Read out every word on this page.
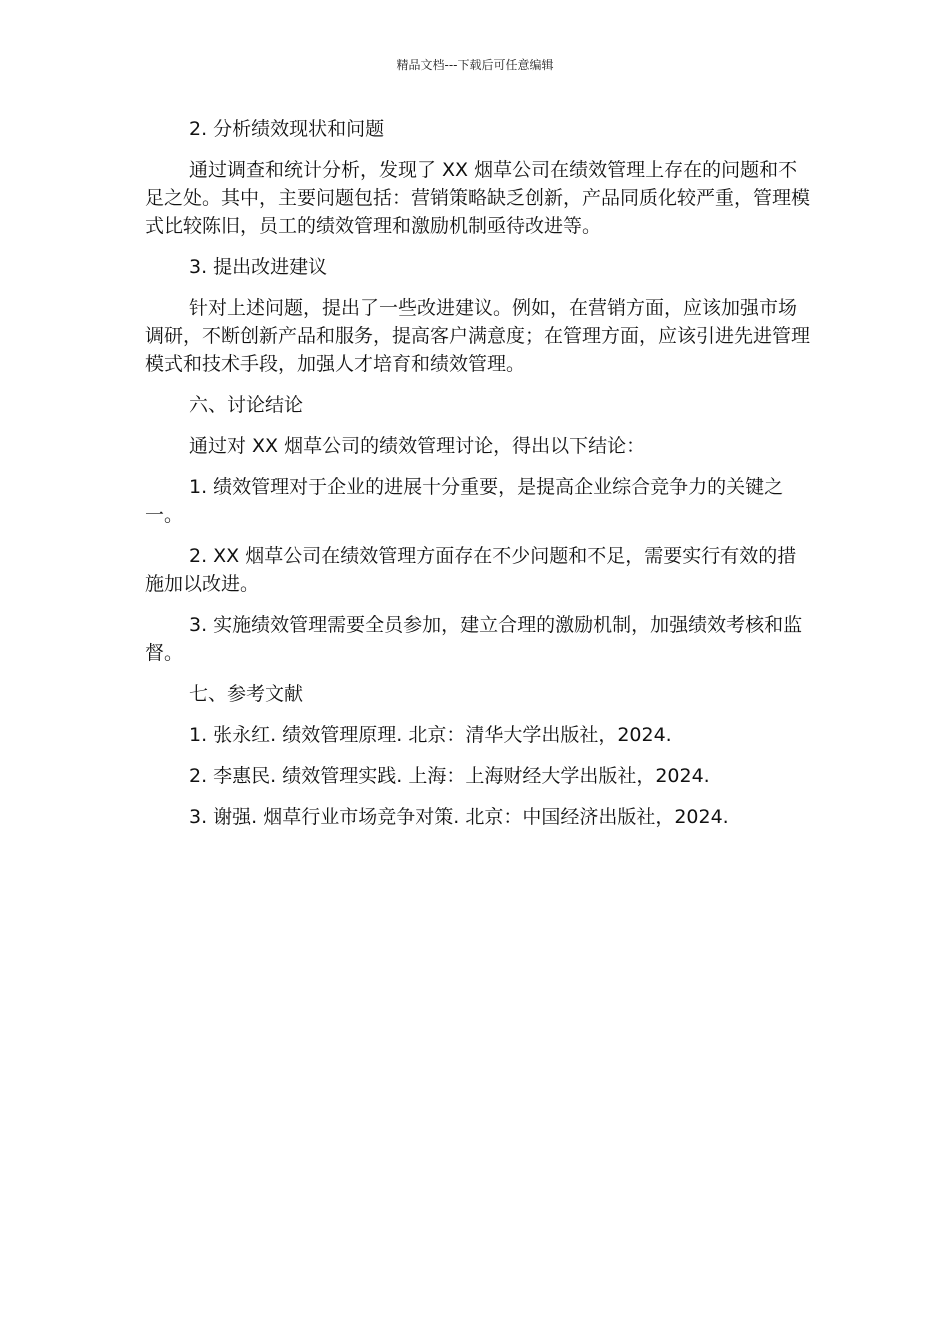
精品文档---下载后可任意编辑

2. 分析绩效现状和问题

通过调查和统计分析，发现了 XX 烟草公司在绩效管理上存在的问题和不足之处。其中，主要问题包括：营销策略缺乏创新，产品同质化较严重，管理模式比较陈旧，员工的绩效管理和激励机制亟待改进等。

3. 提出改进建议

针对上述问题，提出了一些改进建议。例如，在营销方面，应该加强市场调研，不断创新产品和服务，提高客户满意度；在管理方面，应该引进先进管理模式和技术手段，加强人才培育和绩效管理。

六、讨论结论

通过对 XX 烟草公司的绩效管理讨论，得出以下结论：

1. 绩效管理对于企业的进展十分重要，是提高企业综合竞争力的关键之一。

2. XX 烟草公司在绩效管理方面存在不少问题和不足，需要实行有效的措施加以改进。

3. 实施绩效管理需要全员参加，建立合理的激励机制，加强绩效考核和监督。

七、参考文献

1. 张永红. 绩效管理原理. 北京：清华大学出版社，2024.

2. 李惠民. 绩效管理实践. 上海：上海财经大学出版社，2024.

3. 谢强. 烟草行业市场竞争对策. 北京：中国经济出版社，2024.
